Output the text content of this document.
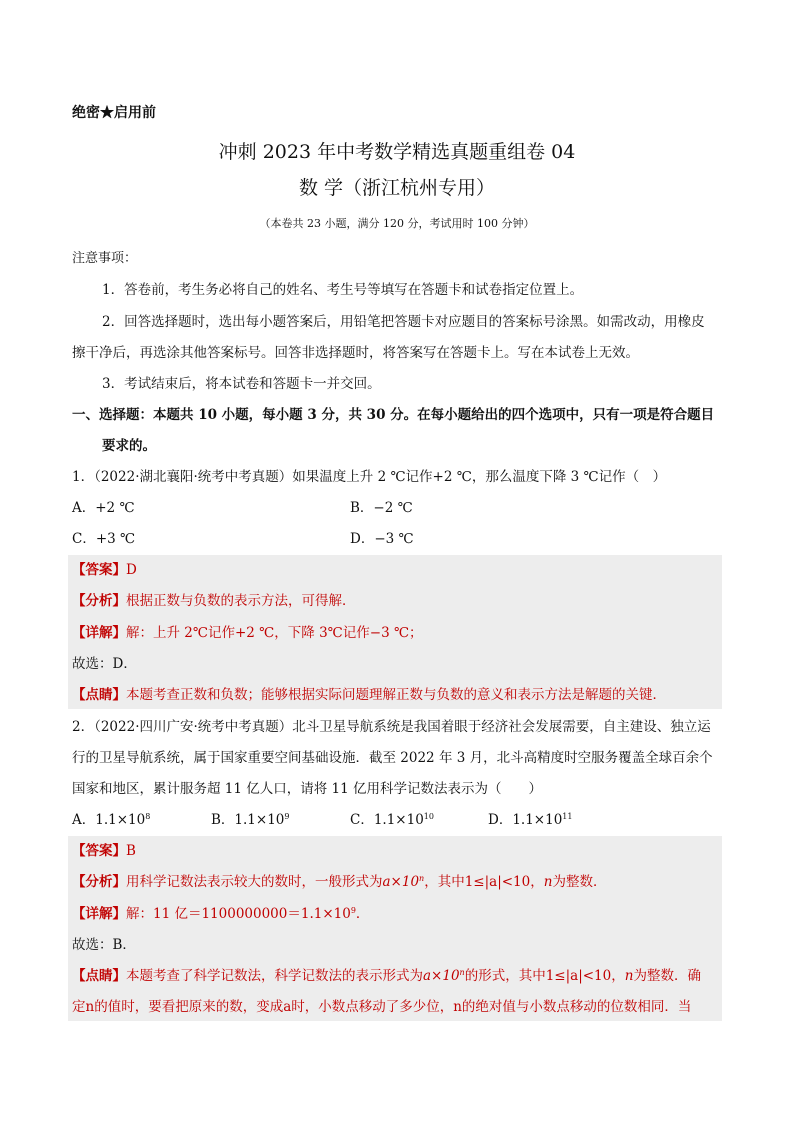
绝密★启用前
冲刺 2023 年中考数学精选真题重组卷 04
数 学（浙江杭州专用）
（本卷共 23 小题，满分 120 分，考试用时 100 分钟）
注意事项：
1．答卷前，考生务必将自己的姓名、考生号等填写在答题卡和试卷指定位置上。
2．回答选择题时，选出每小题答案后，用铅笔把答题卡对应题目的答案标号涂黑。如需改动，用橡皮
擦干净后，再选涂其他答案标号。回答非选择题时，将答案写在答题卡上。写在本试卷上无效。
3．考试结束后，将本试卷和答题卡一并交回。
一、选择题：本题共 10 小题，每小题 3 分，共 30 分。在每小题给出的四个选项中，只有一项是符合题目
要求的。
1．（2022·湖北襄阳·统考中考真题）如果温度上升 2 ℃记作+2 ℃，那么温度下降 3 ℃记作（　）
A．+2 ℃	B．−2 ℃
C．+3 ℃	D．−3 ℃
【答案】D
【分析】根据正数与负数的表示方法，可得解．
【详解】解：上升 2℃记作+2 ℃，下降 3℃记作−3 ℃；
故选：D．
【点睛】本题考查正数和负数；能够根据实际问题理解正数与负数的意义和表示方法是解题的关键．
2．（2022·四川广安·统考中考真题）北斗卫星导航系统是我国着眼于经济社会发展需要，自主建设、独立运
行的卫星导航系统，属于国家重要空间基础设施．截至 2022 年 3 月，北斗高精度时空服务覆盖全球百余个
国家和地区，累计服务超 11 亿人口，请将 11 亿用科学记数法表示为（　　）
A．$1.1\times 10^8$	B．$1.1\times 10^9$	C．$1.1\times 10^{10}$	D．$1.1\times 10^{11}$
【答案】B
【分析】用科学记数法表示较大的数时，一般形式为$a\times 10^n$，其中1≤|a|<10，n为整数．
【详解】解：11 亿$=1100000000=1.1\times 10^9$．
故选：B．
【点睛】本题考查了科学记数法，科学记数法的表示形式为$a\times 10^n$的形式，其中1≤|a|<10，n为整数．确
定n的值时，要看把原来的数，变成a时，小数点移动了多少位，n的绝对值与小数点移动的位数相同．当
